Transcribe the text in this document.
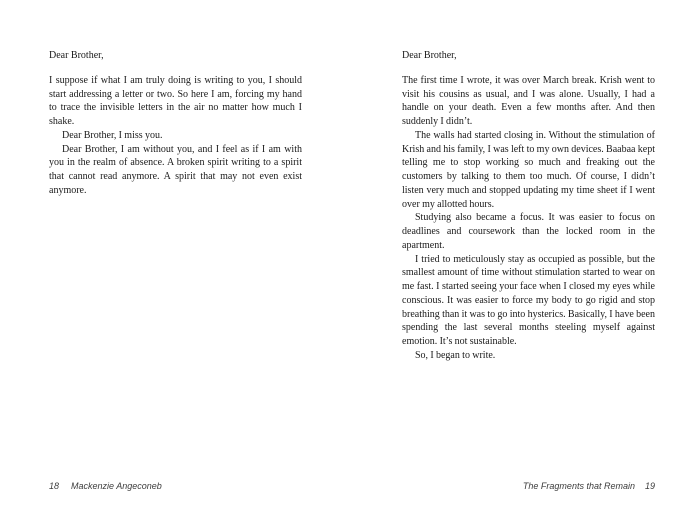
Dear Brother,

I suppose if what I am truly doing is writing to you, I should start addressing a letter or two. So here I am, forcing my hand to trace the invisible letters in the air no matter how much I shake.

Dear Brother, I miss you.

Dear Brother, I am without you, and I feel as if I am with you in the realm of absence. A broken spirit writing to a spirit that cannot read anymore. A spirit that may not even exist anymore.

Dear Brother,

The first time I wrote, it was over March break. Krish went to visit his cousins as usual, and I was alone. Usually, I had a handle on your death. Even a few months after. And then suddenly I didn’t.

The walls had started closing in. Without the stimulation of Krish and his family, I was left to my own devices. Baabaa kept telling me to stop working so much and freaking out the customers by talking to them too much. Of course, I didn’t listen very much and stopped updating my time sheet if I went over my allotted hours.

Studying also became a focus. It was easier to focus on deadlines and coursework than the locked room in the apartment.

I tried to meticulously stay as occupied as possible, but the smallest amount of time without stimulation started to wear on me fast. I started seeing your face when I closed my eyes while conscious. It was easier to force my body to go rigid and stop breathing than it was to go into hysterics. Basically, I have been spending the last several months steeling myself against emotion. It’s not sustainable.

So, I began to write.

18 Mackenzie Angeconeb	The Fragments that Remain 19
